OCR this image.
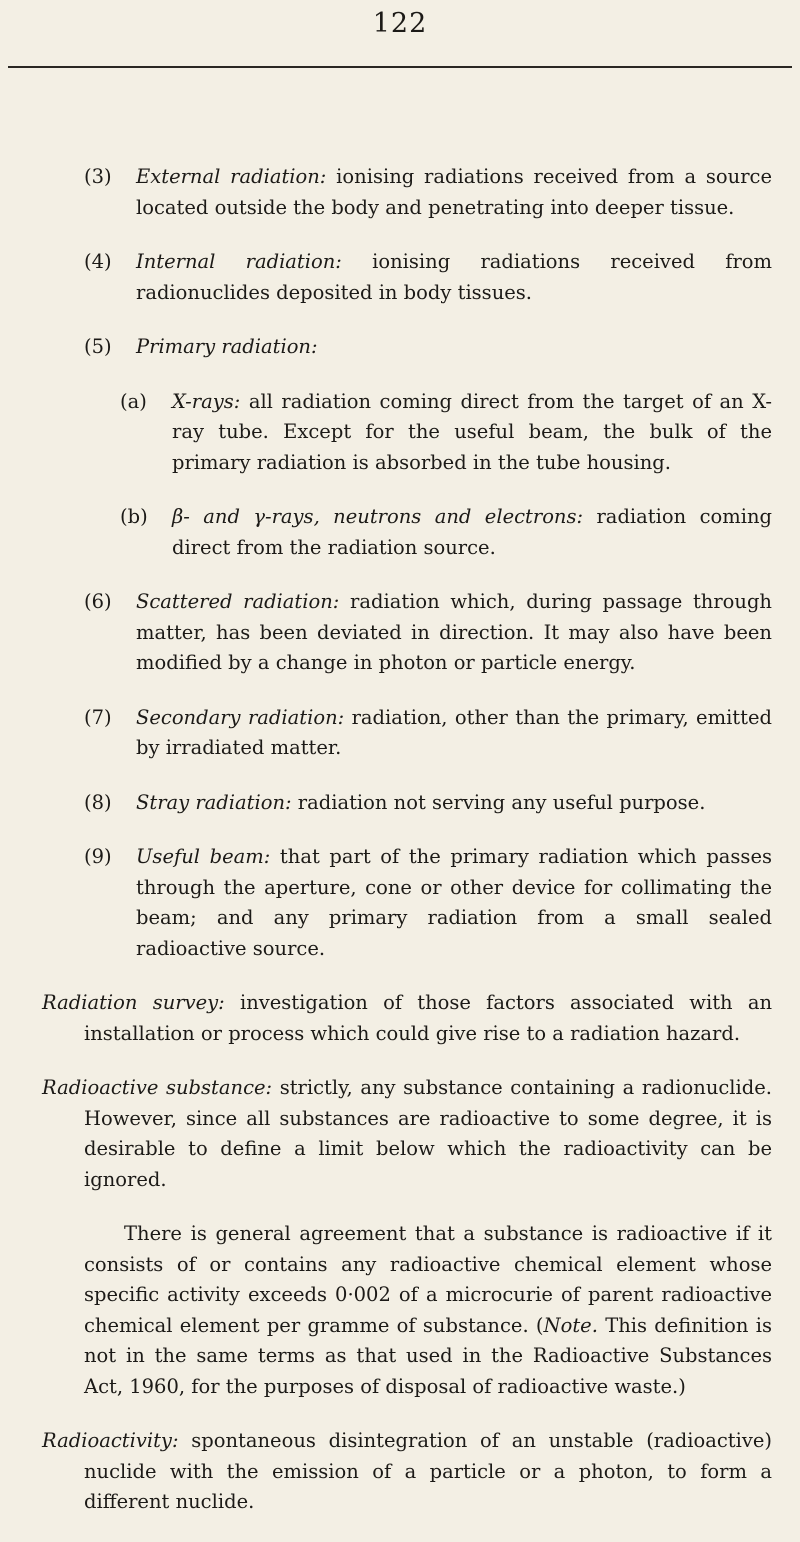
122

(3) External radiation: ionising radiations received from a source located outside the body and penetrating into deeper tissue.

(4) Internal radiation: ionising radiations received from radionuclides deposited in body tissues.

(5) Primary radiation:

(a) X-rays: all radiation coming direct from the target of an X-ray tube. Except for the useful beam, the bulk of the primary radiation is absorbed in the tube housing.

(b) β- and γ-rays, neutrons and electrons: radiation coming direct from the radiation source.

(6) Scattered radiation: radiation which, during passage through matter, has been deviated in direction. It may also have been modified by a change in photon or particle energy.

(7) Secondary radiation: radiation, other than the primary, emitted by irradiated matter.

(8) Stray radiation: radiation not serving any useful purpose.

(9) Useful beam: that part of the primary radiation which passes through the aperture, cone or other device for collimating the beam; and any primary radiation from a small sealed radioactive source.

Radiation survey: investigation of those factors associated with an installation or process which could give rise to a radiation hazard.

Radioactive substance: strictly, any substance containing a radionuclide. However, since all substances are radioactive to some degree, it is desirable to define a limit below which the radioactivity can be ignored.

There is general agreement that a substance is radioactive if it consists of or contains any radioactive chemical element whose specific activity exceeds 0·002 of a microcurie of parent radioactive chemical element per gramme of substance. (Note. This definition is not in the same terms as that used in the Radioactive Substances Act, 1960, for the purposes of disposal of radioactive waste.)

Radioactivity: spontaneous disintegration of an unstable (radioactive) nuclide with the emission of a particle or a photon, to form a different nuclide.
